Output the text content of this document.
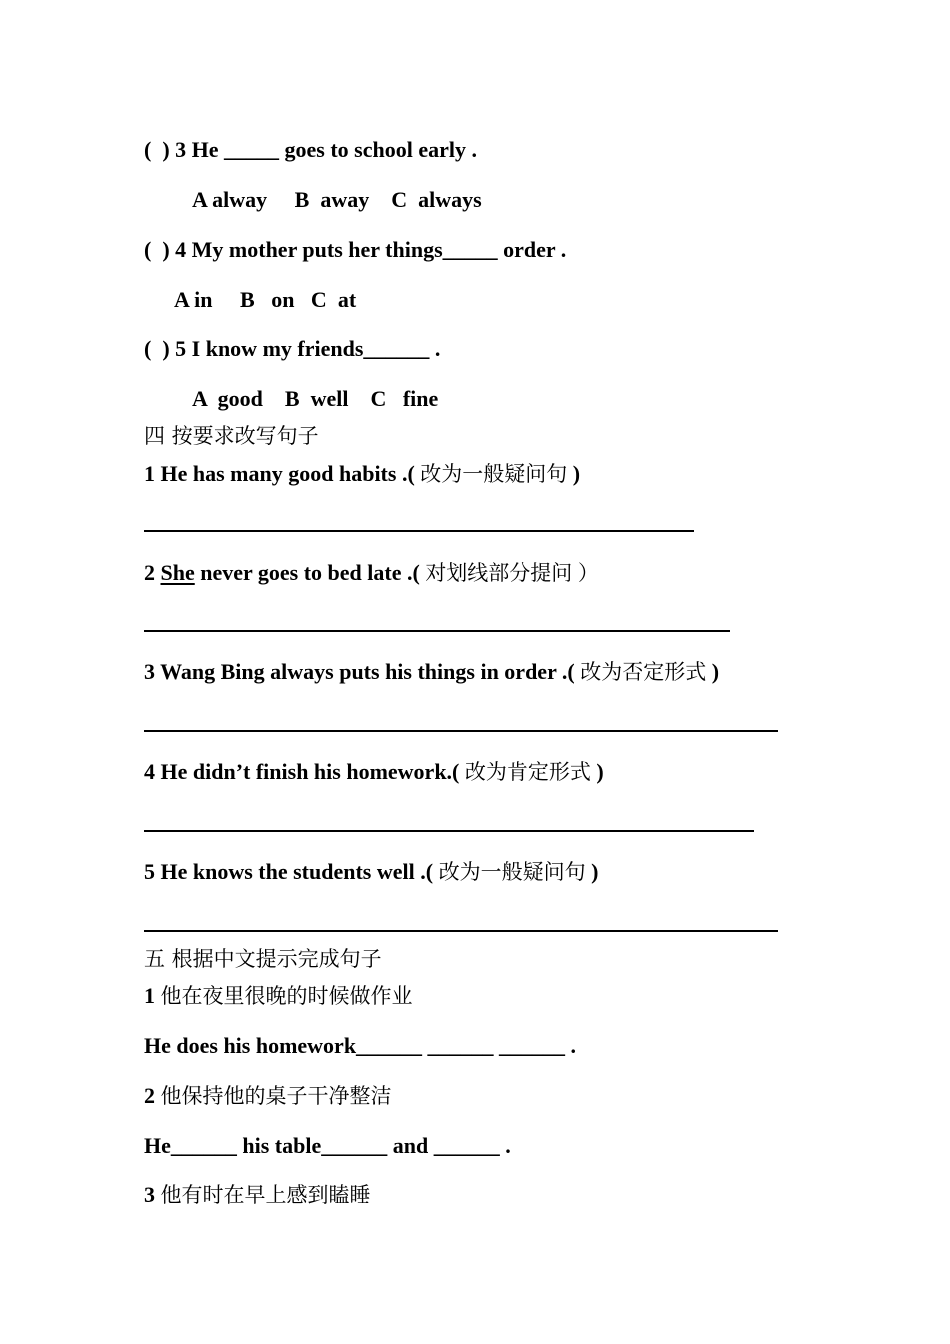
(  ) 3 He _____ goes to school early .
A alway     B  away    C  always
(  ) 4 My mother puts her things_____ order .
A in     B   on   C  at
(  ) 5 I know my friends______ .
A  good    B  well    C   fine
四 按要求改写句子
1 He has many good habits .( 改为一般疑问句 )
2 She never goes to bed late .( 对划线部分提问 ）
3 Wang Bing always puts his things in order .( 改为否定形式 )
4 He didn’t finish his homework.( 改为肯定形式 )
5 He knows the students well .( 改为一般疑问句 )
五 根据中文提示完成句子
1 他在夜里很晚的时候做作业
He does his homework______ ______ ______ .
2 他保持他的桌子干净整洁
He______ his table______ and ______ .
3 他有时在早上感到瞌睡
